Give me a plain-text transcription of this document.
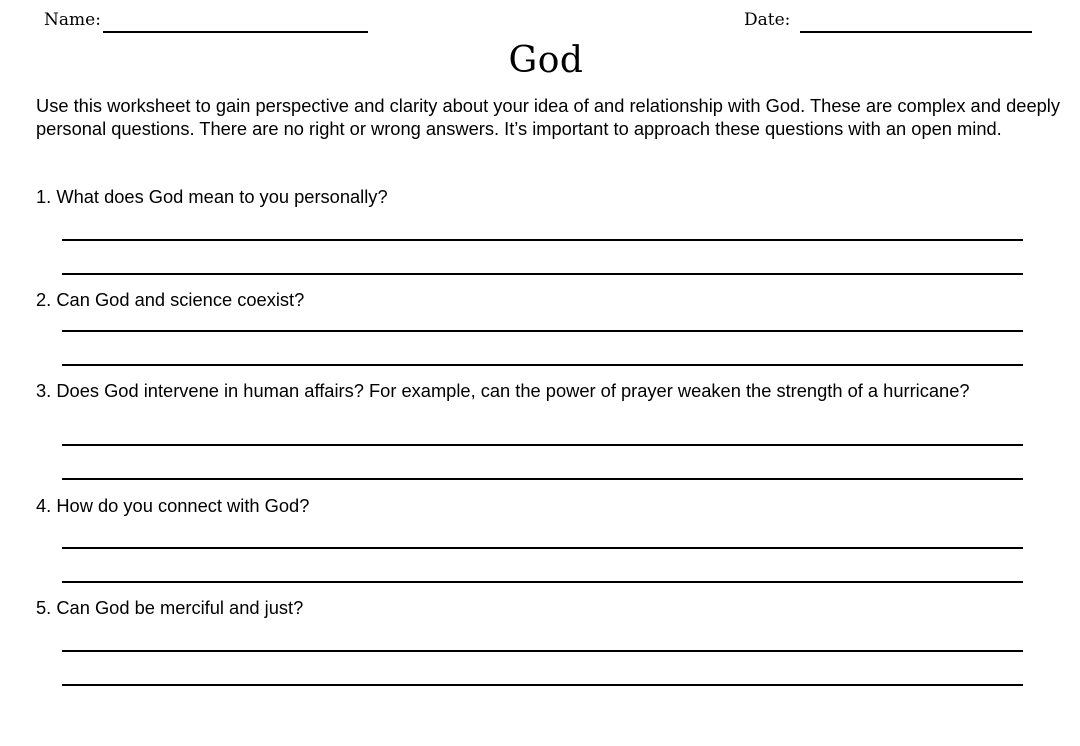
Name:	Date:
God
Use this worksheet to gain perspective and clarity about your idea of and relationship with God. These are complex and deeply personal questions. There are no right or wrong answers. It’s important to approach these questions with an open mind.
1. What does God mean to you personally?
2. Can God and science coexist?
3. Does God intervene in human affairs? For example, can the power of prayer weaken the strength of a hurricane?
4. How do you connect with God?
5. Can God be merciful and just?
